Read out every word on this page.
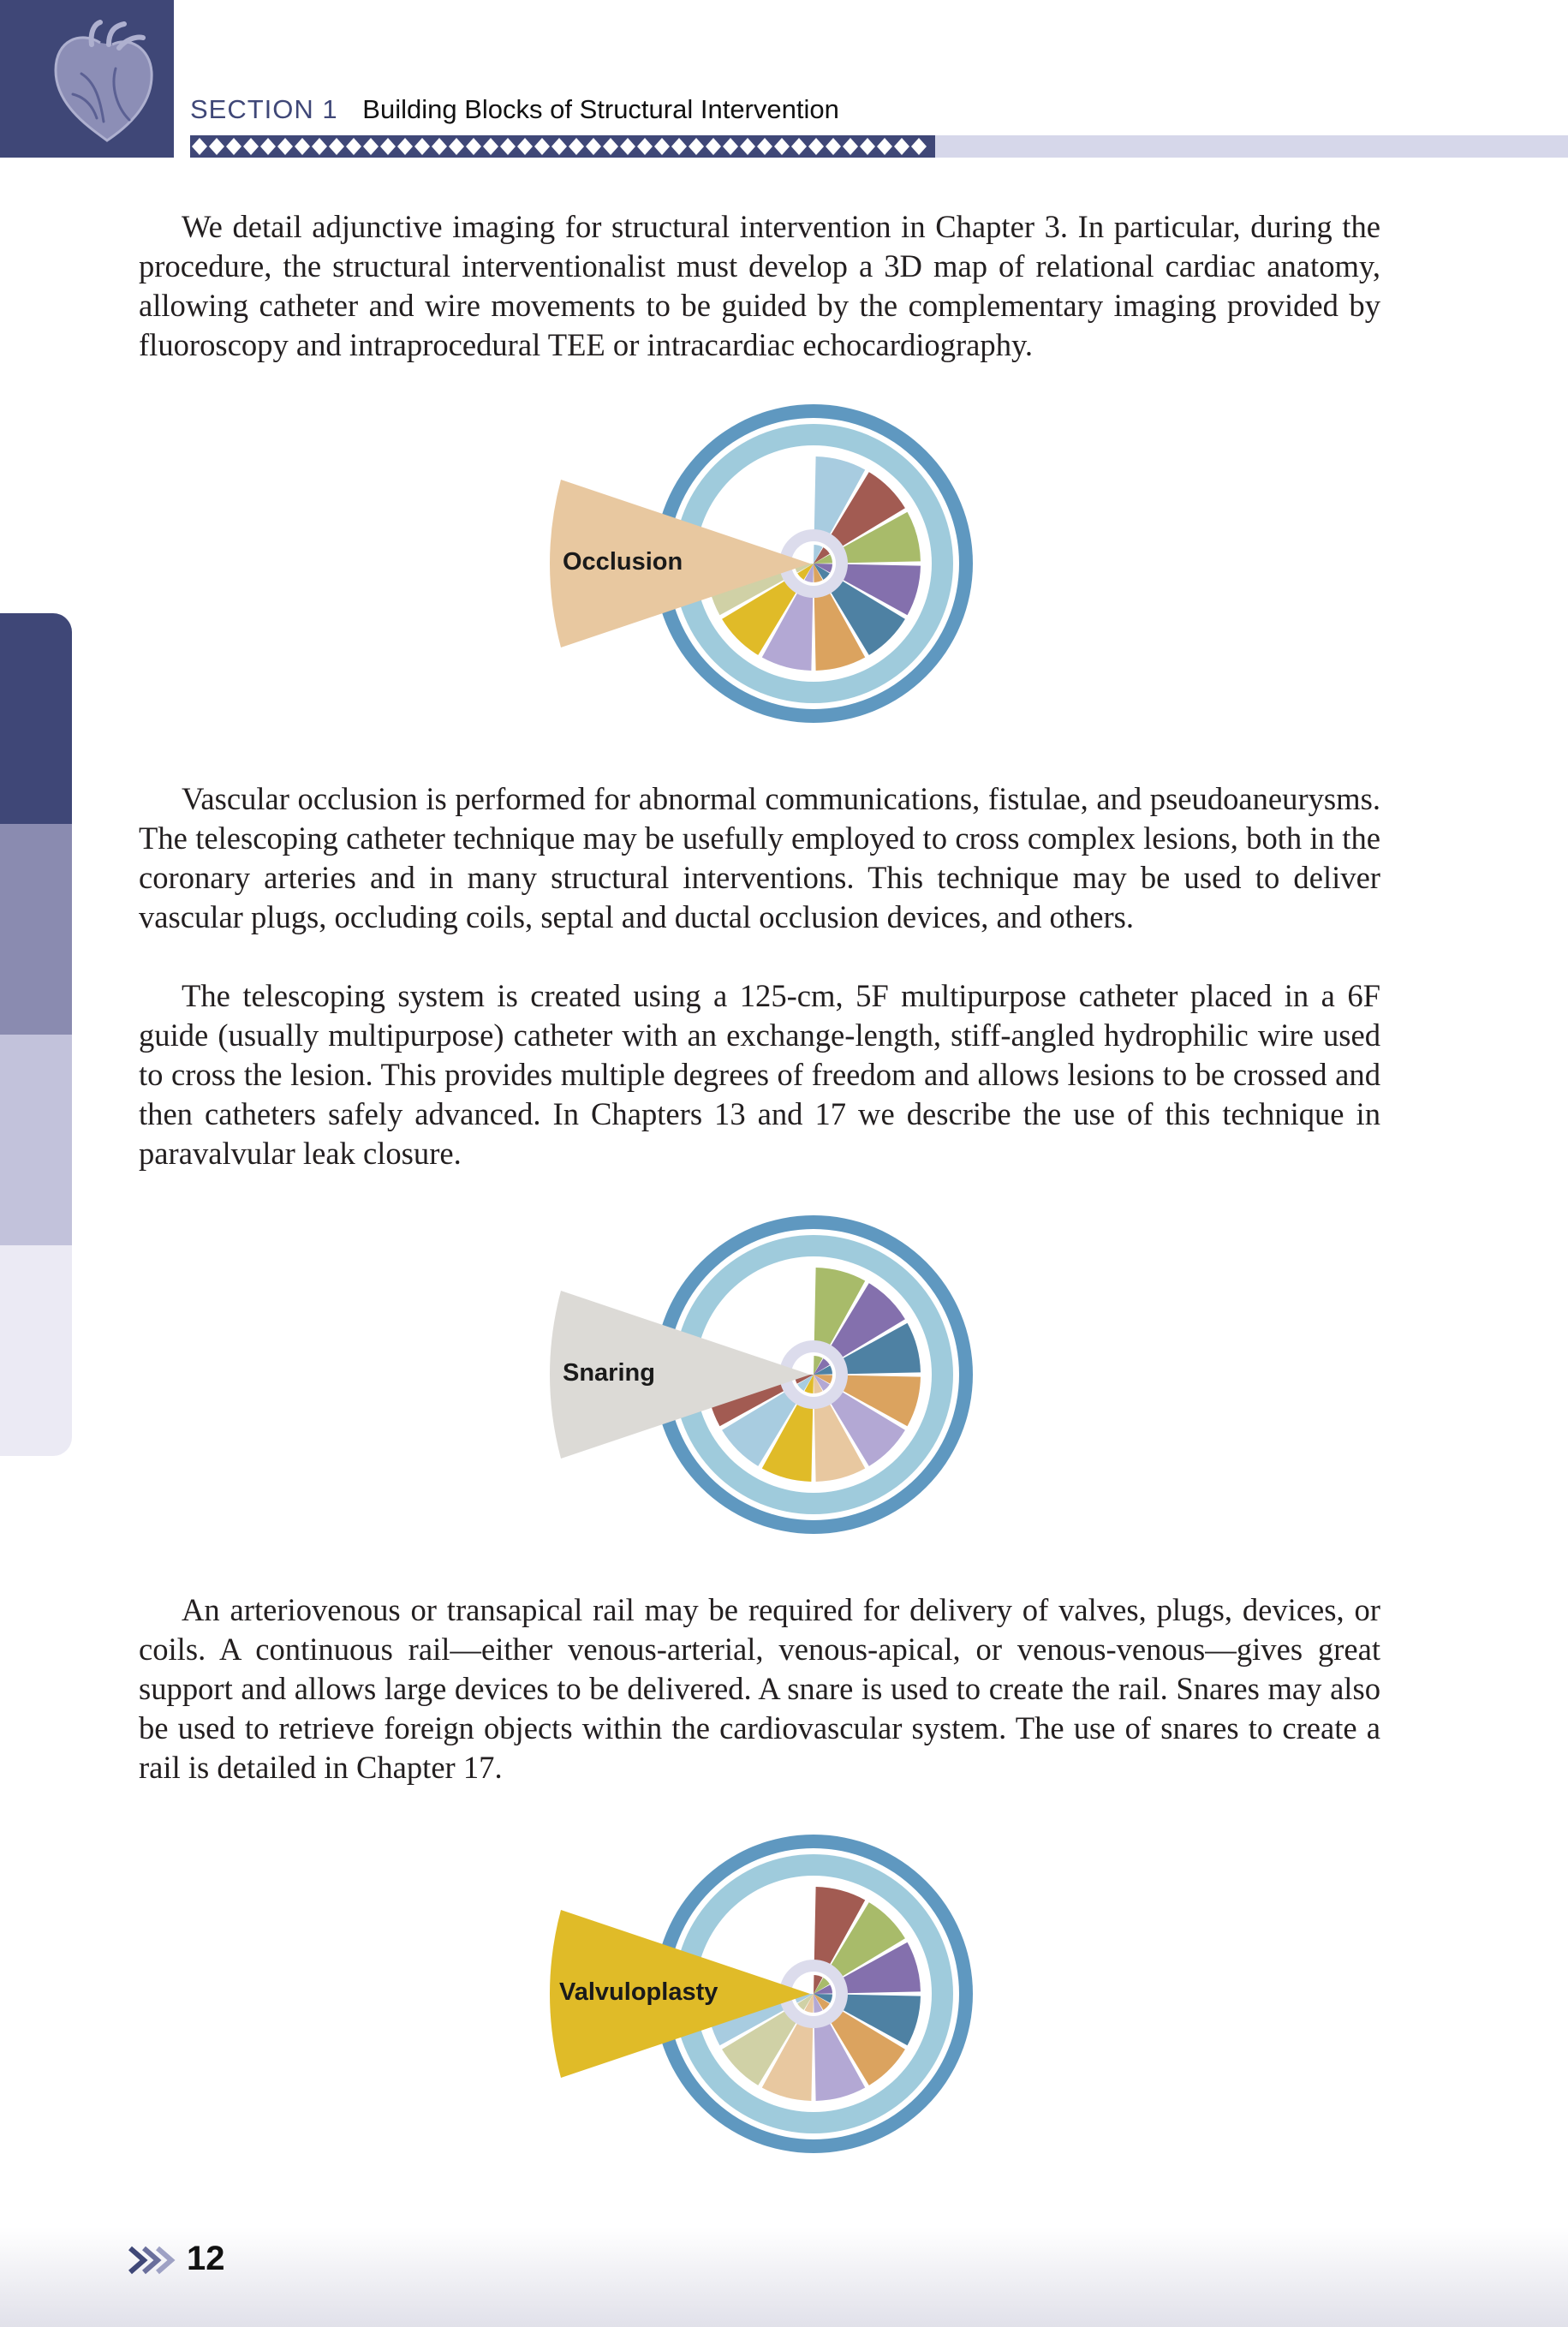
SECTION 1 Building Blocks of Structural Intervention

We detail adjunctive imaging for structural intervention in Chapter 3. In particular, during the procedure, the structural interventionalist must develop a 3D map of relational cardiac anatomy, allowing catheter and wire movements to be guided by the complementary imaging provided by fluoroscopy and intraprocedural TEE or intracardiac echocardiography.

Occlusion

Vascular occlusion is performed for abnormal communications, fistulae, and pseudoaneurysms. The telescoping catheter technique may be usefully employed to cross complex lesions, both in the coronary arteries and in many structural interventions. This technique may be used to deliver vascular plugs, occluding coils, septal and ductal occlusion devices, and others.

The telescoping system is created using a 125-cm, 5F multipurpose catheter placed in a 6F guide (usually multipurpose) catheter with an exchange-length, stiff-angled hydrophilic wire used to cross the lesion. This provides multiple degrees of freedom and allows lesions to be crossed and then catheters safely advanced. In Chapters 13 and 17 we describe the use of this technique in paravalvular leak closure.

Snaring

An arteriovenous or transapical rail may be required for delivery of valves, plugs, devices, or coils. A continuous rail—either venous-arterial, venous-apical, or venous-venous—gives great support and allows large devices to be delivered. A snare is used to create the rail. Snares may also be used to retrieve foreign objects within the cardiovascular system. The use of snares to create a rail is detailed in Chapter 17.

Valvuloplasty
12
